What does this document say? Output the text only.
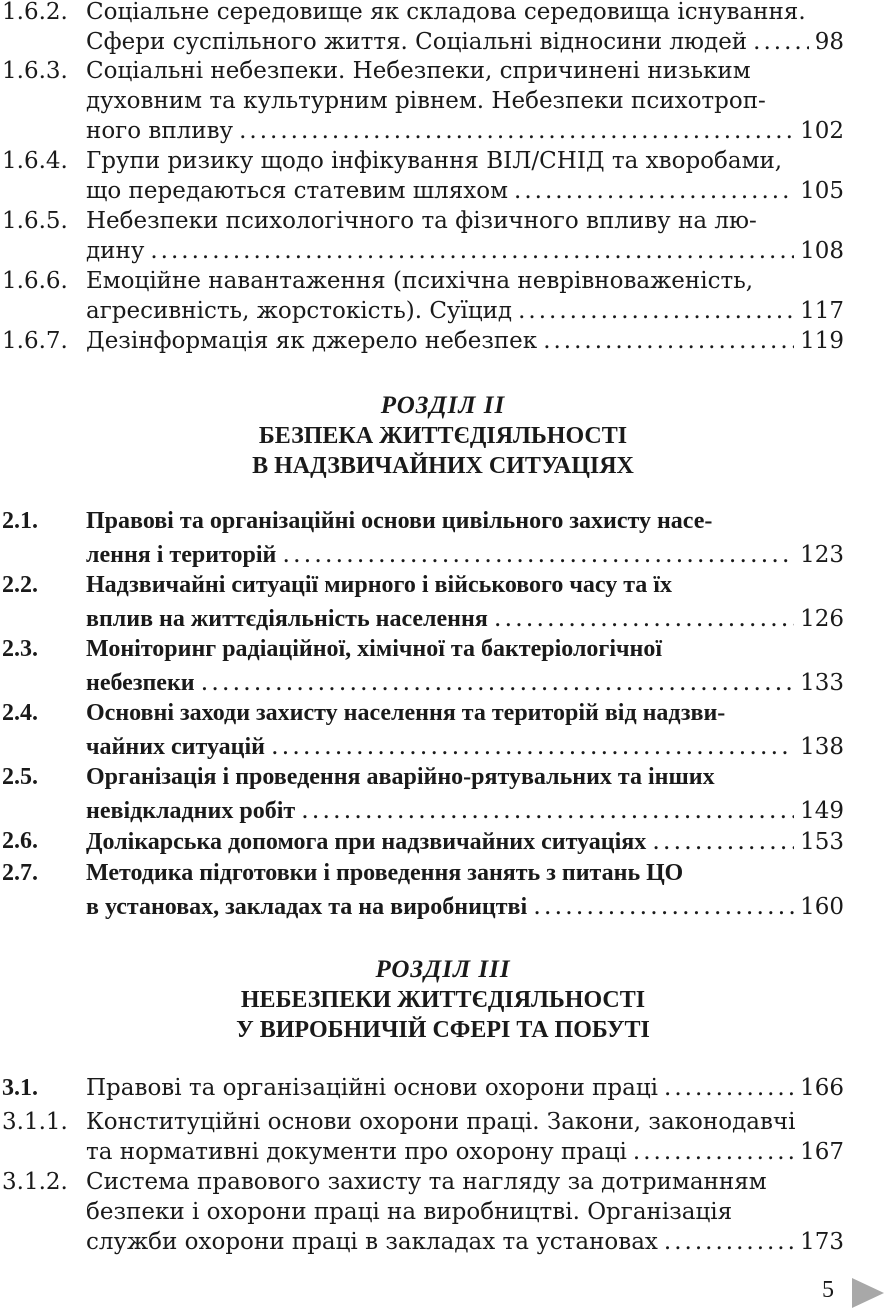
1.6.2. Соціальне середовище як складова середовища існування.
Сфери суспільного життя. Соціальні відносини людей .....	98
1.6.3. Соціальні небезпеки. Небезпеки, спричинені низьким
духовним та культурним рівнем. Небезпеки психотроп-
ного впливу .....	102
1.6.4. Групи ризику щодо інфікування ВІЛ/СНІД та хворобами,
що передаються статевим шляхом .....	105
1.6.5. Небезпеки психологічного та фізичного впливу на лю-
дину .....	108
1.6.6. Емоційне навантаження (психічна неврівноваженість,
агресивність, жорстокість). Суїцид .....	117
1.6.7. Дезінформація як джерело небезпек .....	119
РОЗДІЛ ІІ
БЕЗПЕКА ЖИТТЄДІЯЛЬНОСТІ
В НАДЗВИЧАЙНИХ СИТУАЦІЯХ
2.1. Правові та організаційні основи цивільного захисту насе-
лення і територій .....	123
2.2. Надзвичайні ситуації мирного і військового часу та їх
вплив на життєдіяльність населення .....	126
2.3. Моніторинг радіаційної, хімічної та бактеріологічної
небезпеки .....	133
2.4. Основні заходи захисту населення та територій від надзви-
чайних ситуацій .....	138
2.5. Організація і проведення аварійно-рятувальних та інших
невідкладних робіт .....	149
2.6. Долікарська допомога при надзвичайних ситуаціях .....	153
2.7. Методика підготовки і проведення занять з питань ЦО
в установах, закладах та на виробництві .....	160
РОЗДІЛ ІІІ
НЕБЕЗПЕКИ ЖИТТЄДІЯЛЬНОСТІ
У ВИРОБНИЧІЙ СФЕРІ ТА ПОБУТІ
3.1. Правові та організаційні основи охорони праці .....	166
3.1.1. Конституційні основи охорони праці. Закони, законодавчі
та нормативні документи про охорону праці .....	167
3.1.2. Система правового захисту та нагляду за дотриманням
безпеки і охорони праці на виробництві. Організація
служби охорони праці в закладах та установах .....	173
5
